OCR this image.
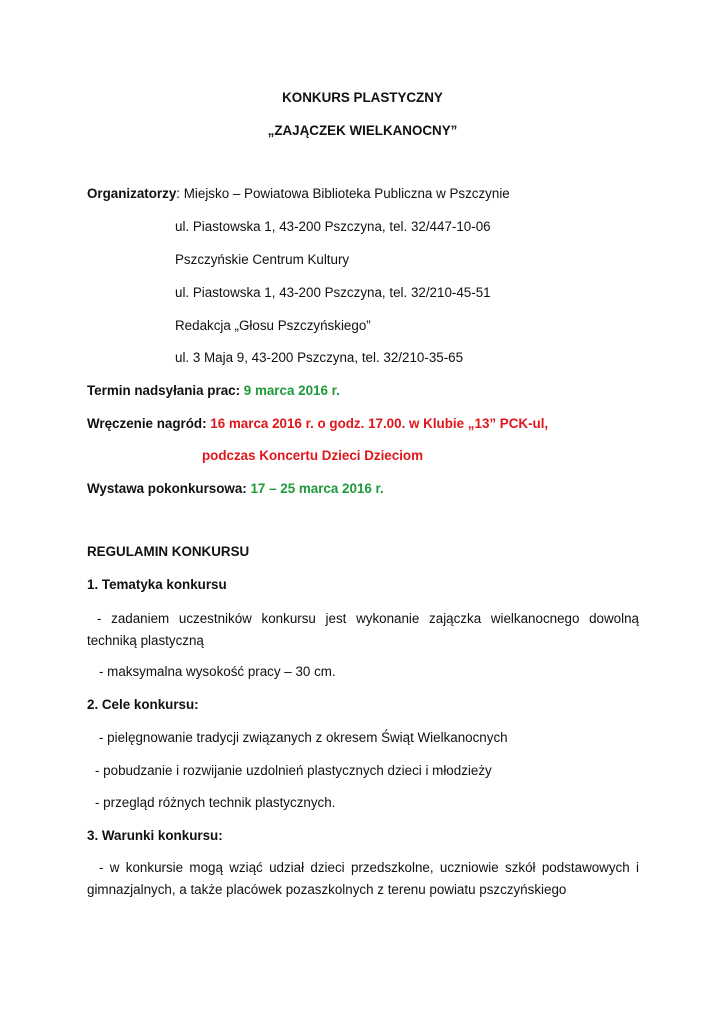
KONKURS PLASTYCZNY
„ZAJĄCZEK WIELKANOCNY”
Organizatorzy: Miejsko – Powiatowa Biblioteka Publiczna w Pszczynie
ul. Piastowska 1, 43-200 Pszczyna, tel. 32/447-10-06
Pszczyńskie Centrum Kultury
ul. Piastowska 1, 43-200 Pszczyna, tel. 32/210-45-51
Redakcja „Głosu Pszczyńskiego”
ul. 3 Maja 9, 43-200 Pszczyna, tel. 32/210-35-65
Termin nadsyłania prac: 9 marca 2016 r.
Wręczenie nagród: 16 marca 2016 r. o godz. 17.00. w Klubie „13” PCK-ul,
podczas Koncertu Dzieci Dzieciom
Wystawa pokonkursowa: 17 – 25 marca 2016 r.
REGULAMIN KONKURSU
1. Tematyka konkursu
- zadaniem uczestników konkursu jest wykonanie zajączka wielkanocnego dowolną techniką plastyczną
- maksymalna wysokość pracy – 30 cm.
2. Cele konkursu:
- pielęgnowanie tradycji związanych z okresem Świąt Wielkanocnych
- pobudzanie i rozwijanie uzdolnień plastycznych dzieci i młodzieży
- przegląd różnych technik plastycznych.
3. Warunki konkursu:
- w konkursie mogą wziąć udział dzieci przedszkolne, uczniowie szkół podstawowych i gimnazjalnych, a także placówek pozaszkolnych z terenu powiatu pszczyńskiego
